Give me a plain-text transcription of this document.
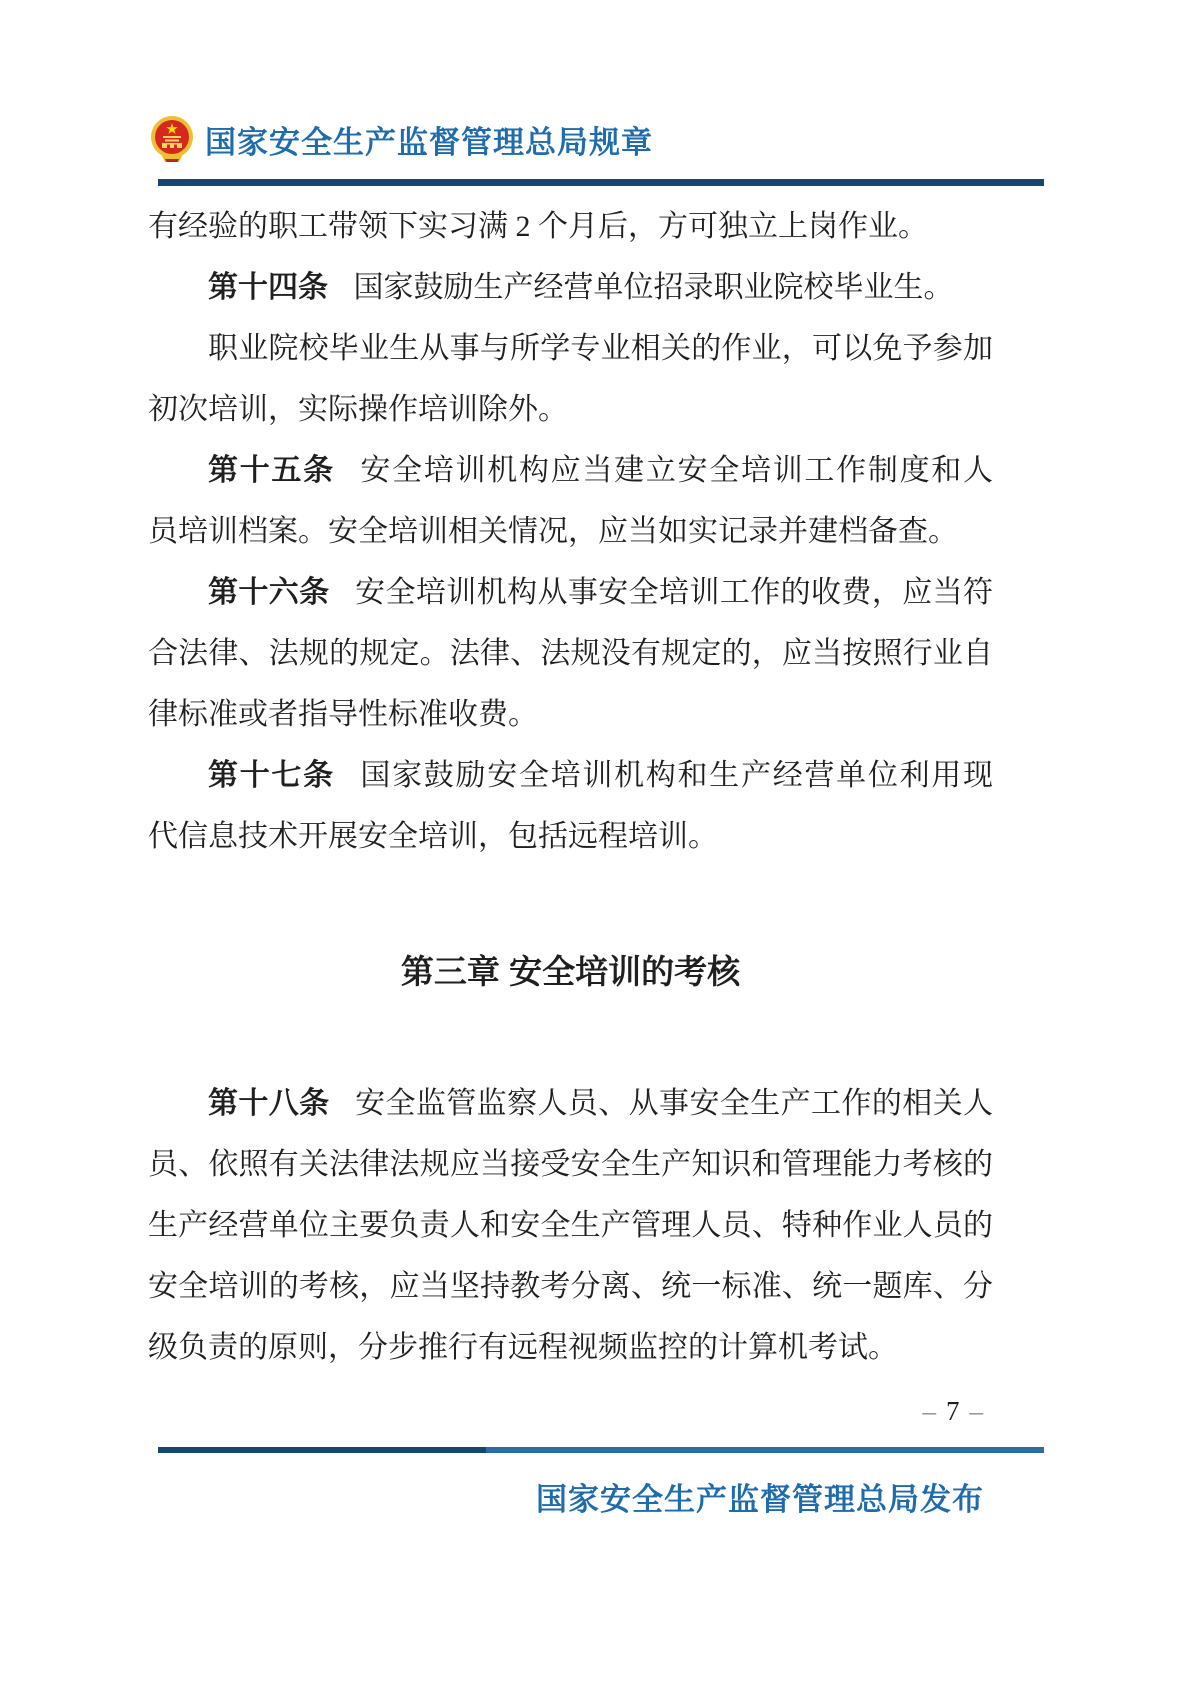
国家安全生产监督管理总局规章
有经验的职工带领下实习满 2 个月后，方可独立上岗作业。
第十四条 国家鼓励生产经营单位招录职业院校毕业生。
职业院校毕业生从事与所学专业相关的作业，可以免予参加
初次培训，实际操作培训除外。
第十五条 安全培训机构应当建立安全培训工作制度和人
员培训档案。安全培训相关情况，应当如实记录并建档备查。
第十六条 安全培训机构从事安全培训工作的收费，应当符
合法律、法规的规定。法律、法规没有规定的，应当按照行业自
律标准或者指导性标准收费。
第十七条 国家鼓励安全培训机构和生产经营单位利用现
代信息技术开展安全培训，包括远程培训。
第三章 安全培训的考核
第十八条 安全监管监察人员、从事安全生产工作的相关人
员、依照有关法律法规应当接受安全生产知识和管理能力考核的
生产经营单位主要负责人和安全生产管理人员、特种作业人员的
安全培训的考核，应当坚持教考分离、统一标准、统一题库、分
级负责的原则，分步推行有远程视频监控的计算机考试。
– 7 –
国家安全生产监督管理总局发布
